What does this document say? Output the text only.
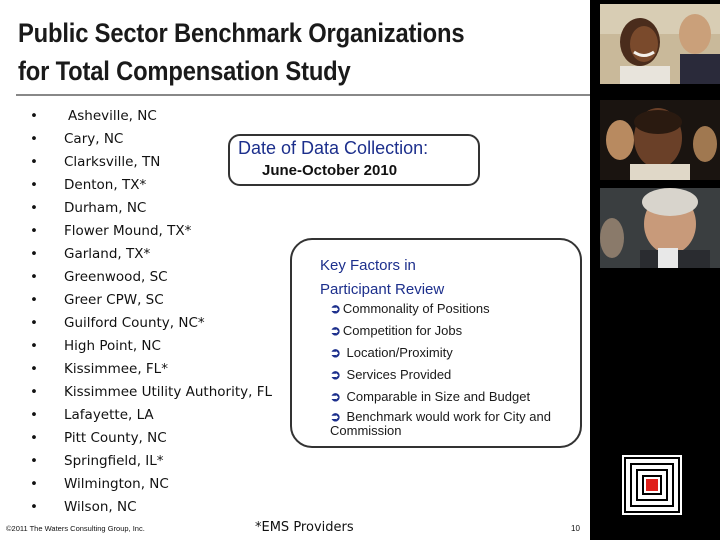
Public Sector Benchmark Organizations
for Total Compensation Study
• Asheville, NC
• Cary, NC
• Clarksville, TN
• Denton, TX*
• Durham, NC
• Flower Mound, TX*
• Garland, TX*
• Greenwood, SC
• Greer CPW, SC
• Guilford County, NC*
• High Point, NC
• Kissimmee, FL*
• Kissimmee Utility Authority, FL
• Lafayette, LA
• Pitt County, NC
• Springfield, IL*
• Wilmington, NC
• Wilson, NC
Date of Data Collection:
June-October 2010
Key Factors in
Participant Review
➲ Commonality of Positions
➲ Competition for Jobs
➲ Location/Proximity
➲ Services Provided
➲ Comparable in Size and Budget
➲ Benchmark would work for City and Commission
©2011 The Waters Consulting Group, Inc.	*EMS Providers	10
